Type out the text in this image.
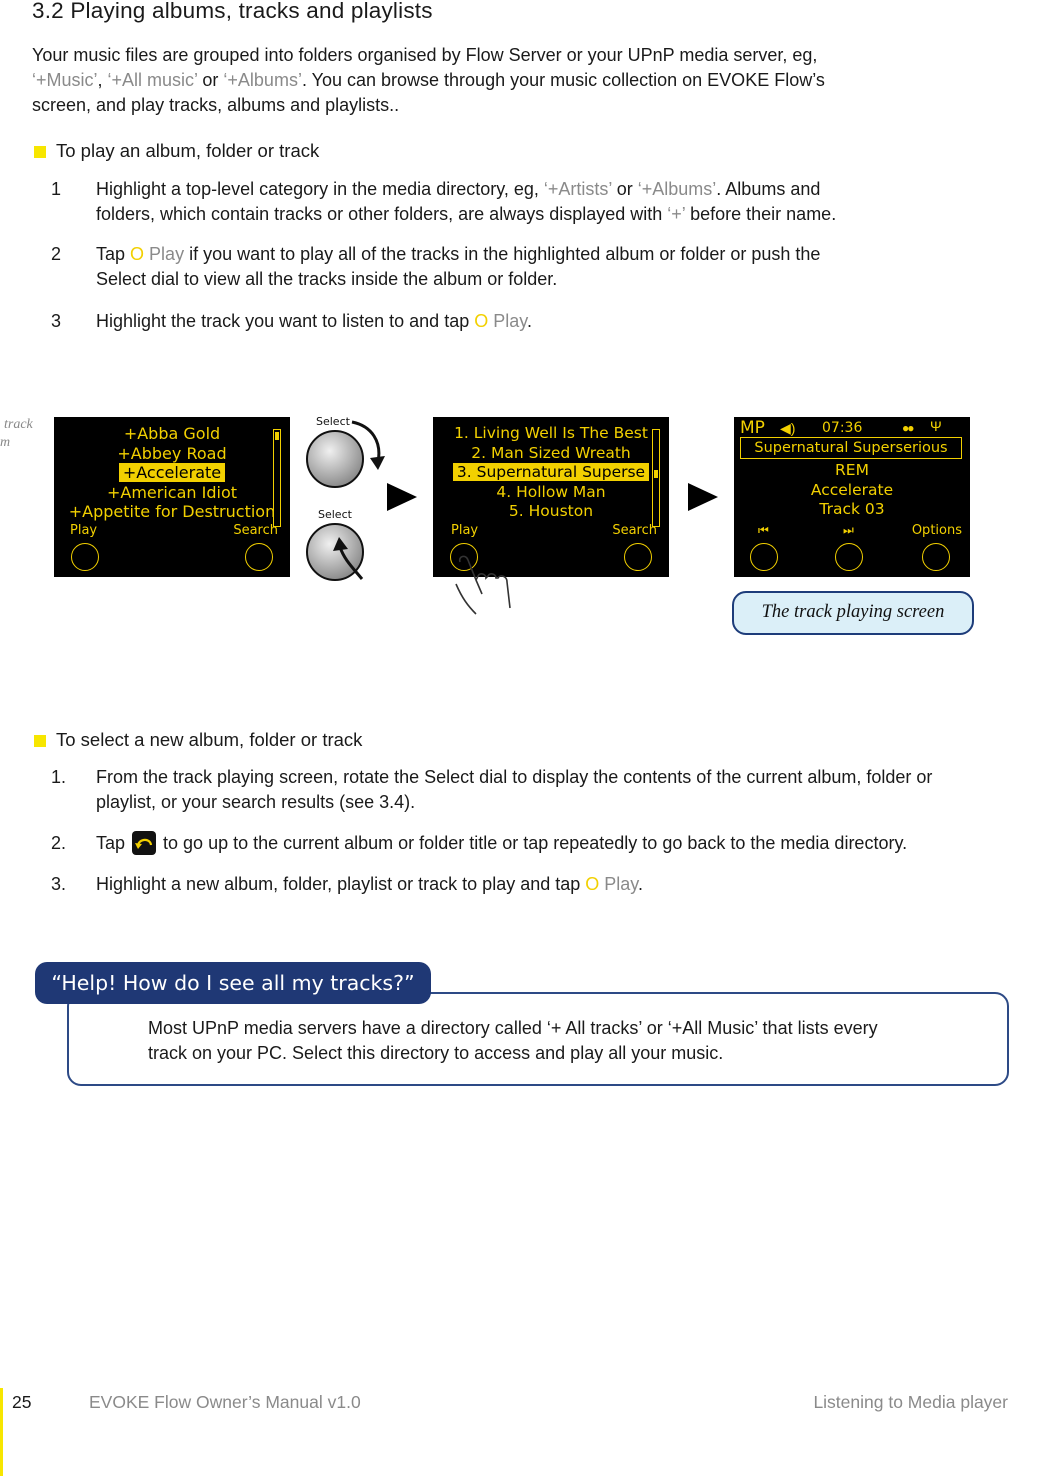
3.2 Playing albums, tracks and playlists
Your music files are grouped into folders organised by Flow Server or your UPnP media server, eg,
‘+Music’, ‘+All music’ or ‘+Albums’. You can browse through your music collection on EVOKE Flow’s
screen, and play tracks, albums and playlists..
To play an album, folder or track
1 Highlight a top-level category in the media directory, eg, ‘+Artists’ or ‘+Albums’. Albums and
folders, which contain tracks or other folders, are always displayed with ‘+’ before their name.
2 Tap O Play if you want to play all of the tracks in the highlighted album or folder or push the
Select dial to view all the tracks inside the album or folder.
3 Highlight the track you want to listen to and tap O Play.
track
m	+Abba Gold
+Abbey Road
+Accelerate
+American Idiot
+Appetite for Destruction
Play	Search
Select
Select
1. Living Well Is The Best
2. Man Sized Wreath
3. Supernatural Superse
4. Hollow Man
5. Houston
Play	Search
MP ◀) 07:36	●● Ψ
Supernatural Superserious
REM
Accelerate
Track 03
⏮	⏭	Options
The track playing screen
To select a new album, folder or track
1. From the track playing screen, rotate the Select dial to display the contents of the current album, folder or
playlist, or your search results (see 3.4).
2. Tap
to go up to the current album or folder title or tap repeatedly to go back to the media directory.
3. Highlight a new album, folder, playlist or track to play and tap O Play.
“Help! How do I see all my tracks?”
Most UPnP media servers have a directory called ‘+ All tracks’ or ‘+All Music’ that lists every
track on your PC. Select this directory to access and play all your music.
25	EVOKE Flow Owner’s Manual v1.0	Listening to Media player
